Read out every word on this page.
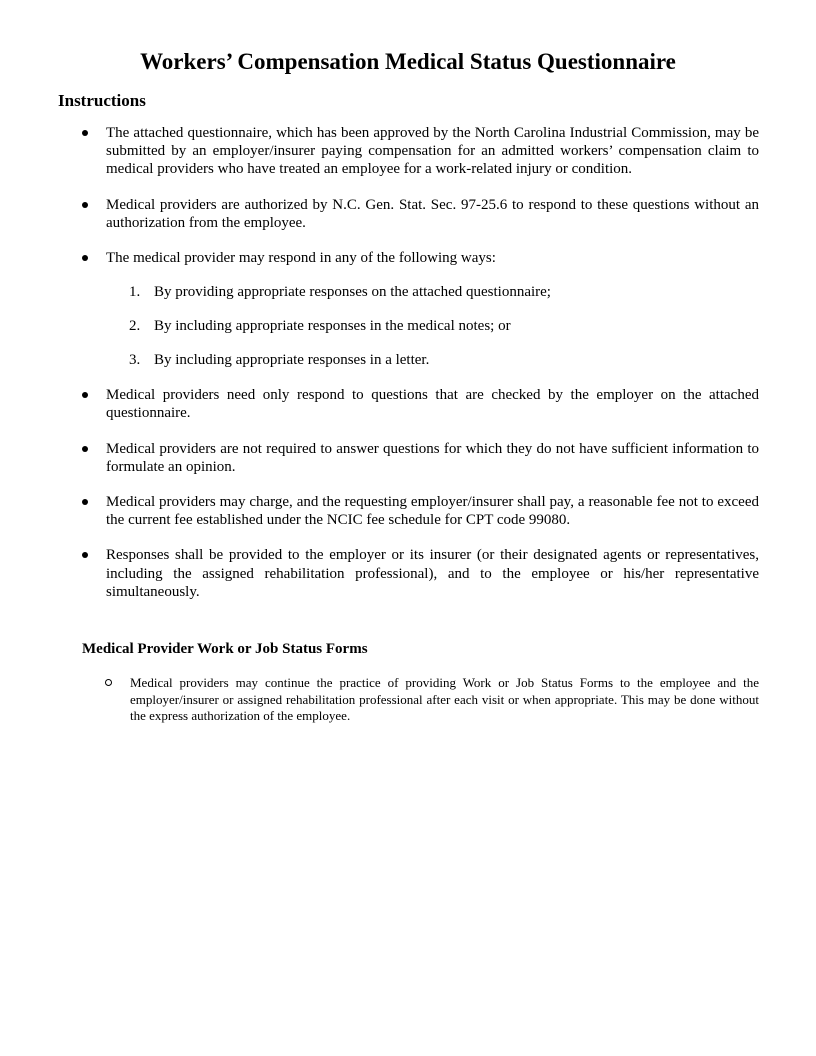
Workers’ Compensation Medical Status Questionnaire
Instructions
The attached questionnaire, which has been approved by the North Carolina Industrial Commission, may be submitted by an employer/insurer paying compensation for an admitted workers’ compensation claim to medical providers who have treated an employee for a work-related injury or condition.
Medical providers are authorized by N.C. Gen. Stat. Sec. 97-25.6 to respond to these questions without an authorization from the employee.
The medical provider may respond in any of the following ways:
1. By providing appropriate responses on the attached questionnaire;
2. By including appropriate responses in the medical notes; or
3. By including appropriate responses in a letter.
Medical providers need only respond to questions that are checked by the employer on the attached questionnaire.
Medical providers are not required to answer questions for which they do not have sufficient information to formulate an opinion.
Medical providers may charge, and the requesting employer/insurer shall pay, a reasonable fee not to exceed the current fee established under the NCIC fee schedule for CPT code 99080.
Responses shall be provided to the employer or its insurer (or their designated agents or representatives, including the assigned rehabilitation professional), and to the employee or his/her representative simultaneously.
Medical Provider Work or Job Status Forms
Medical providers may continue the practice of providing Work or Job Status Forms to the employee and the employer/insurer or assigned rehabilitation professional after each visit or when appropriate. This may be done without the express authorization of the employee.
